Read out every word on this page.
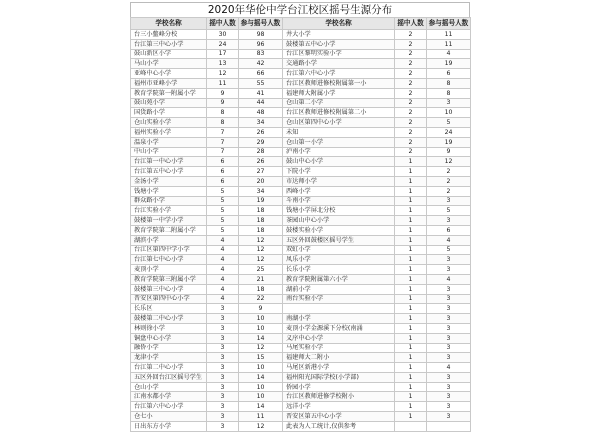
2020年华伦中学台江校区摇号生源分布
学校名称	摇中人数	参与摇号人数	学校名称	摇中人数	参与摇号人数
台三小鳌峰分校	30	98	井大小学	2	11
台江第三中心小学	24	96	鼓楼第五中心小学	2	11
鼓山新区小学	17	83	台江区黎明实验小学	2	4
马山小学	13	42	交通路小学	2	19
亚峰中心小学	12	66	台江第六中心小学	2	6
福州市亚峰小学	11	55	台江区教师进修校附属第一小	2	8
教育学院第一附属小学	9	41	福建师大附属小学	2	8
鼓山苑小学	9	44	仓山第二小学	2	3
国货路小学	8	48	台江区教师进修校附属第二小	2	10
仓山实验小学	8	34	仓山区第四中心小学	2	5
福州实验小学	7	26	未知	2	24
温泉小学	7	29	仓山第一小学	2	19
中山小学	7	28	泸南小学	2	9
台江第一中心小学	6	26	鼓山中心小学	1	12
台江第五中心小学	6	27	下院小学	1	2
金汤小学	6	20	市达师小学	1	2
钱塘小学	5	34	西峰小学	1	2
群众路小学	5	19	斗南小学	1	3
台江实验小学	5	18	钱塘小学屏北分校	1	5
鼓楼第一中学小学	5	18	茶园山中心小学	1	3
教育学院第二附属小学	5	18	鼓楼实验小学	1	6
湖滨小学	4	12	五区外回鼓楼区摇号学生	1	4
台江区第四中学小学	4	12	双虹小学	1	5
台江第七中心小学	4	12	凤乐小学	1	3
麦顶小学	4	25	长乐小学	1	3
教育学院第三附属小学	4	21	教育学院附属第六小学	1	4
鼓楼第三中心小学	4	18	湖前小学	1	3
晋安区第四中心小学	4	22	南台实验小学	1	3
长乐区	3	9		1	3
鼓楼第二中心小学	3	10	南湖小学	1	3
林则徐小学	3	10	麦顶小学金源溪下分校(南涌	1	3
铜盘中心小学	3	14	义序中心小学	1	3
融侨小学	3	12	马尾实验小学	1	3
龙津小学	3	15	福建师大二附小	1	3
台江第二中心小学	3	10	马尾区新港小学	1	4
五区外回台江区摇号学生	3	14	福州阳光国际学校(小学部)	1	3
仓山小学	3	10	侨园小学	1	3
江南水都小学	3	10	台江区教师进修学校附小	1	3
台江第六中心小学	3	14	远洋小学	1	3
仓七小	3	11	晋安区第五中心小学	1	3
日出东方小学	3	12	此表为人工统计,仅供参考		
